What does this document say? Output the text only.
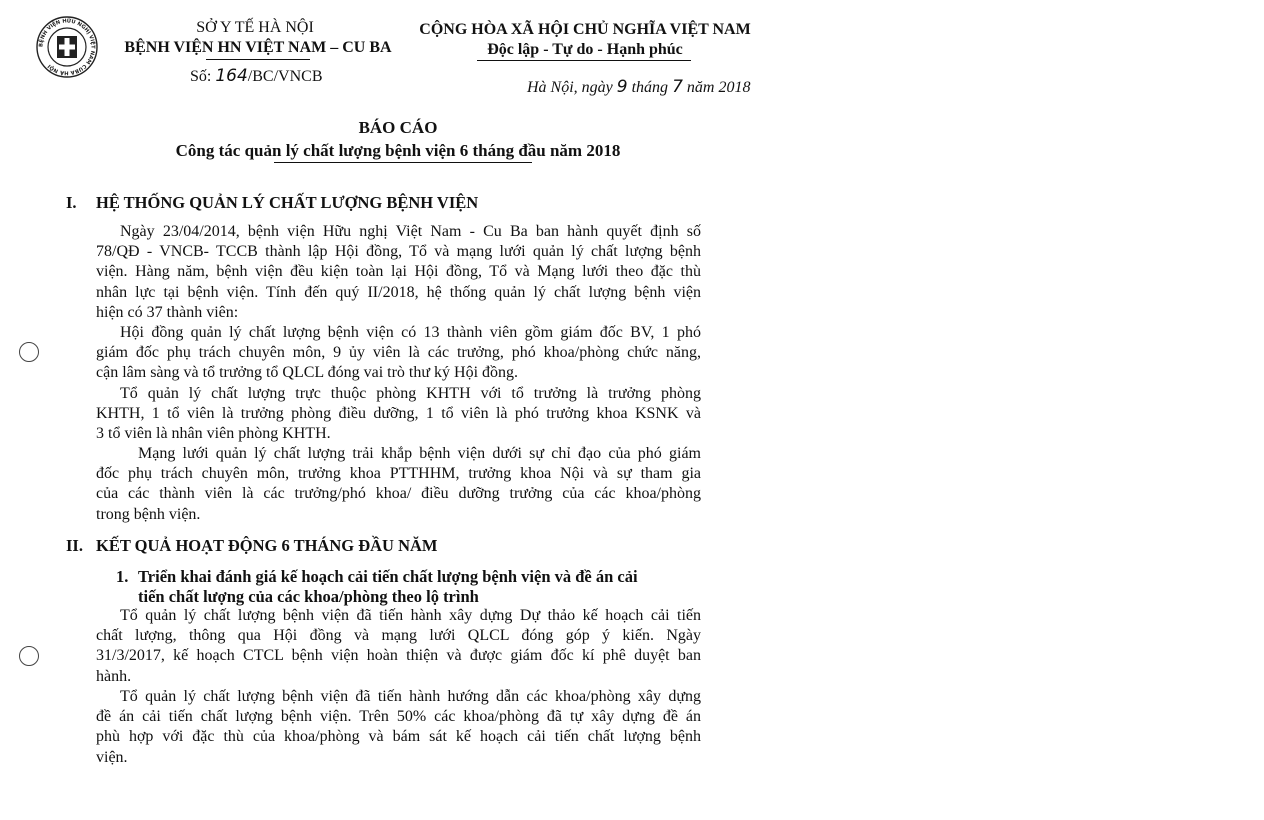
BỆNH VIỆN HỮU NGHỊ VIỆT NAM CUBA HÀ NỘI
SỞ Y TẾ HÀ NỘI
BỆNH VIỆN HN VIỆT NAM – CU BA
Số: 164/BC/VNCB
CỘNG HÒA XÃ HỘI CHỦ NGHĨA VIỆT NAM
Độc lập - Tự do - Hạnh phúc
Hà Nội, ngày 9 tháng 7 năm 2018
BÁO CÁO
Công tác quản lý chất lượng bệnh viện 6 tháng đầu năm 2018
I. HỆ THỐNG QUẢN LÝ CHẤT LƯỢNG BỆNH VIỆN
Ngày 23/04/2014, bệnh viện Hữu nghị Việt Nam - Cu Ba ban hành quyết định số
78/QĐ - VNCB- TCCB thành lập Hội đồng, Tổ và mạng lưới quản lý chất lượng bệnh
viện. Hàng năm, bệnh viện đều kiện toàn lại Hội đồng, Tổ và Mạng lưới theo đặc thù
nhân lực tại bệnh viện. Tính đến quý II/2018, hệ thống quản lý chất lượng bệnh viện
hiện có 37 thành viên:
Hội đồng quản lý chất lượng bệnh viện có 13 thành viên gồm giám đốc BV, 1 phó
giám đốc phụ trách chuyên môn, 9 ủy viên là các trưởng, phó khoa/phòng chức năng,
cận lâm sàng và tổ trưởng tổ QLCL đóng vai trò thư ký Hội đồng.
Tổ quản lý chất lượng trực thuộc phòng KHTH với tổ trưởng là trưởng phòng
KHTH, 1 tổ viên là trưởng phòng điều dưỡng, 1 tổ viên là phó trưởng khoa KSNK và
3 tổ viên là nhân viên phòng KHTH.
Mạng lưới quản lý chất lượng trải khắp bệnh viện dưới sự chỉ đạo của phó giám
đốc phụ trách chuyên môn, trưởng khoa PTTHHM, trưởng khoa Nội và sự tham gia
của các thành viên là các trưởng/phó khoa/ điều dưỡng trưởng của các khoa/phòng
trong bệnh viện.
II. KẾT QUẢ HOẠT ĐỘNG 6 THÁNG ĐẦU NĂM
1. Triển khai đánh giá kế hoạch cải tiến chất lượng bệnh viện và đề án cải
tiến chất lượng của các khoa/phòng theo lộ trình
Tổ quản lý chất lượng bệnh viện đã tiến hành xây dựng Dự thảo kế hoạch cải tiến
chất lượng, thông qua Hội đồng và mạng lưới QLCL đóng góp ý kiến. Ngày
31/3/2017, kế hoạch CTCL bệnh viện hoàn thiện và được giám đốc kí phê duyệt ban
hành.
Tổ quản lý chất lượng bệnh viện đã tiến hành hướng dẫn các khoa/phòng xây dựng
đề án cải tiến chất lượng bệnh viện. Trên 50% các khoa/phòng đã tự xây dựng đề án
phù hợp với đặc thù của khoa/phòng và bám sát kế hoạch cải tiến chất lượng bệnh
viện.
